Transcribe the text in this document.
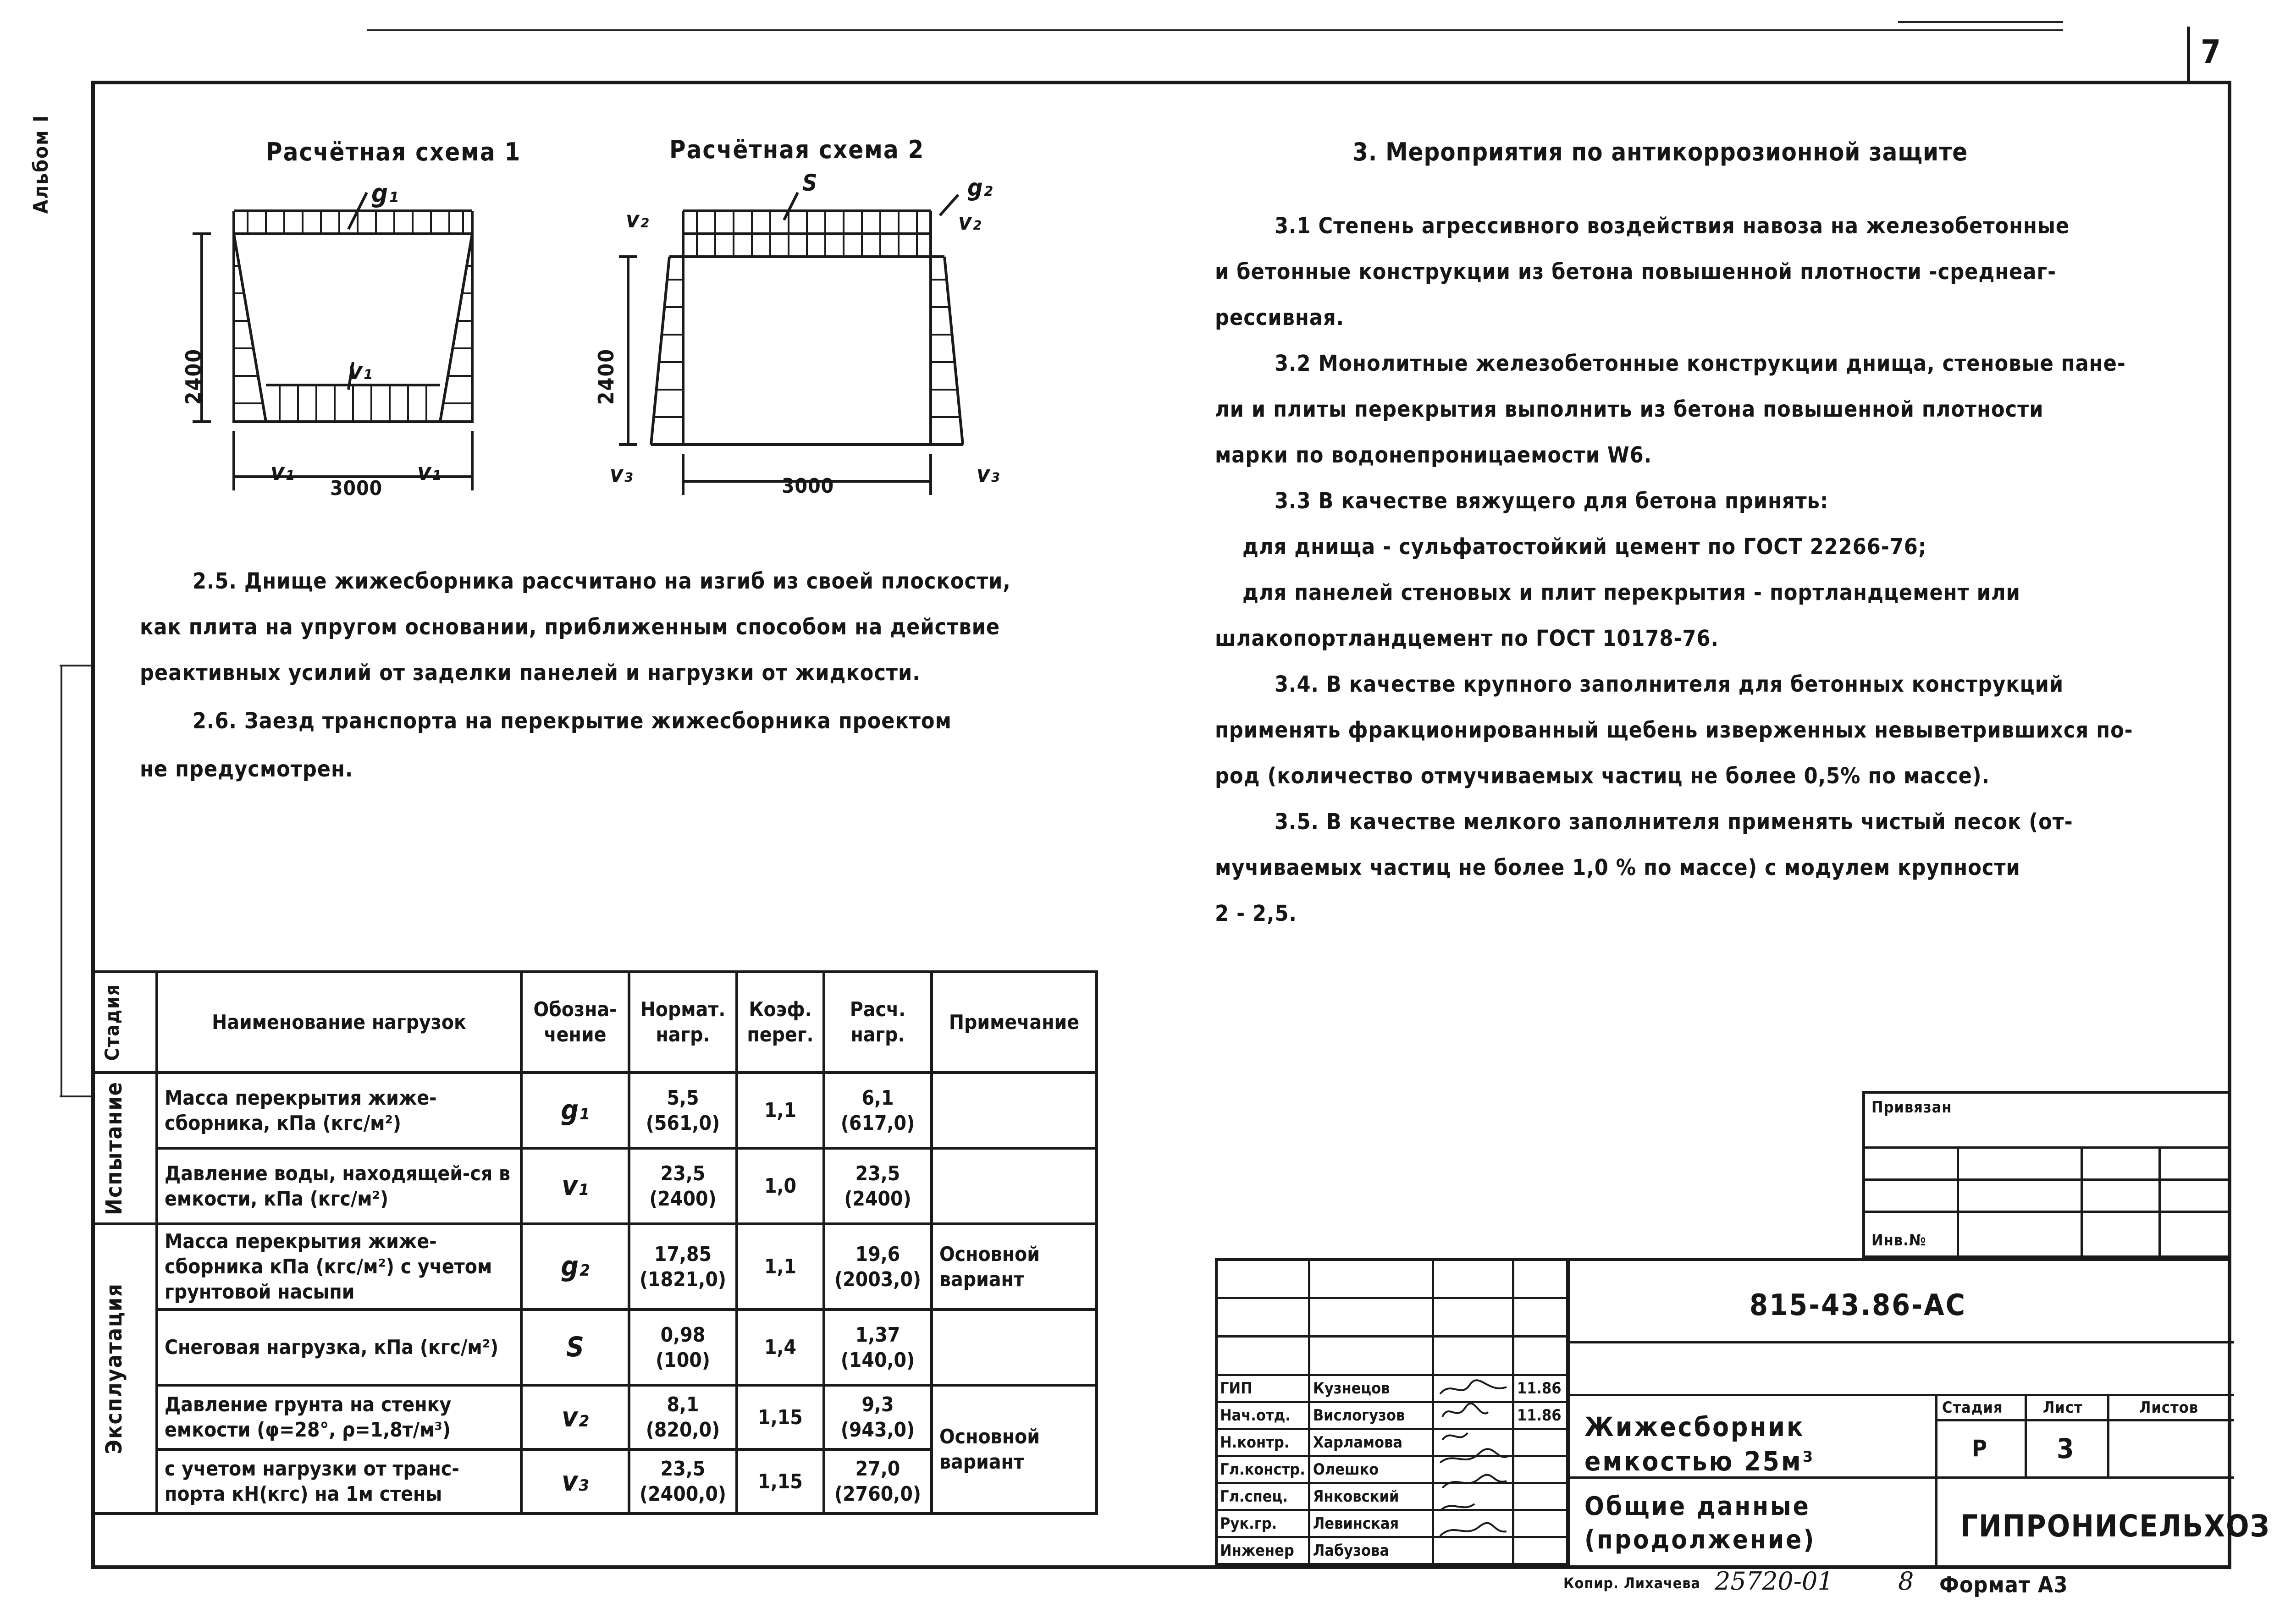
7
Альбом I	Расчётная схема 1
g₁
v₁
v₁	v₁
2400
3000
Расчётная схема 2
S	g₂
v₂	v₂
v₃	v₃
2400
3000
2.5. Днище жижесборника рассчитано на изгиб из своей плоскости,
как плита на упругом основании, приближенным способом на действие
реактивных усилий от заделки панелей и нагрузки от жидкости.
2.6. Заезд транспорта на перекрытие жижесборника проектом
не предусмотрен.
3. Мероприятия по антикоррозионной защите
3.1 Степень агрессивного воздействия навоза на железобетонные
и бетонные конструкции из бетона повышенной плотности -среднеаг-
рессивная.
3.2 Монолитные железобетонные конструкции днища, стеновые пане-
ли и плиты перекрытия выполнить из бетона повышенной плотности
марки по водонепроницаемости W6.
3.3 В качестве вяжущего для бетона принять:
для днища - сульфатостойкий цемент по ГОСТ 22266-76;
для панелей стеновых и плит перекрытия - портландцемент или
шлакопортландцемент по ГОСТ 10178-76.
3.4. В качестве крупного заполнителя для бетонных конструкций
применять фракционированный щебень изверженных невыветрившихся по-
род (количество отмучиваемых частиц не более 0,5% по массе).
3.5. В качестве мелкого заполнителя применять чистый песок (от-
мучиваемых частиц не более 1,0 % по массе) с модулем крупности
2 - 2,5.
Стадия	Наименование нагрузок	Обозна-чение	Нормат. нагр.	Коэф. перег.	Расч. нагр.	Примечание

Испытание	Масса перекрытия жиже-сборника, кПа (кгс/м²)	g₁	5,5 (561,0)	1,1	6,1 (617,0)	
	Давление воды, находящей-ся в емкости, кПа (кгс/м²)	v₁	23,5 (2400)	1,0	23,5 (2400)	

Эксплуатация	Масса перекрытия жиже-сборника кПа (кгс/м²) с учетом грунтовой насыпи	g₂	17,85 (1821,0)	1,1	19,6 (2003,0)	Основной вариант
	Снеговая нагрузка, кПа (кгс/м²)	S	0,98 (100)	1,4	1,37 (140,0)	
	Давление грунта на стенку емкости (φ=28°, ρ=1,8т/м³)	v₂	8,1 (820,0)	1,15	9,3 (943,0)	Основной вариант
	с учетом нагрузки от транс-порта кН(кгс) на 1м стены	v₃	23,5 (2400,0)	1,15	27,0 (2760,0)	
Привязан
Инв.№

ГИП	Кузнецов		11.86
Нач.отд.	Вислогузов		11.86
Н.контр.	Харламова		
Гл.констр.	Олешко		
Гл.спец.	Янковский		
Рук.гр.	Левинская		
Инженер	Лабузова		
815-43.86-АС
Жижесборник емкостью 25м³
Общие данные (продолжение)
Стадия	Лист	Листов
Р	3
ГИПРОНИСЕЛЬХОЗ
Копир. Лихачева 25720-01	8 Формат А3
